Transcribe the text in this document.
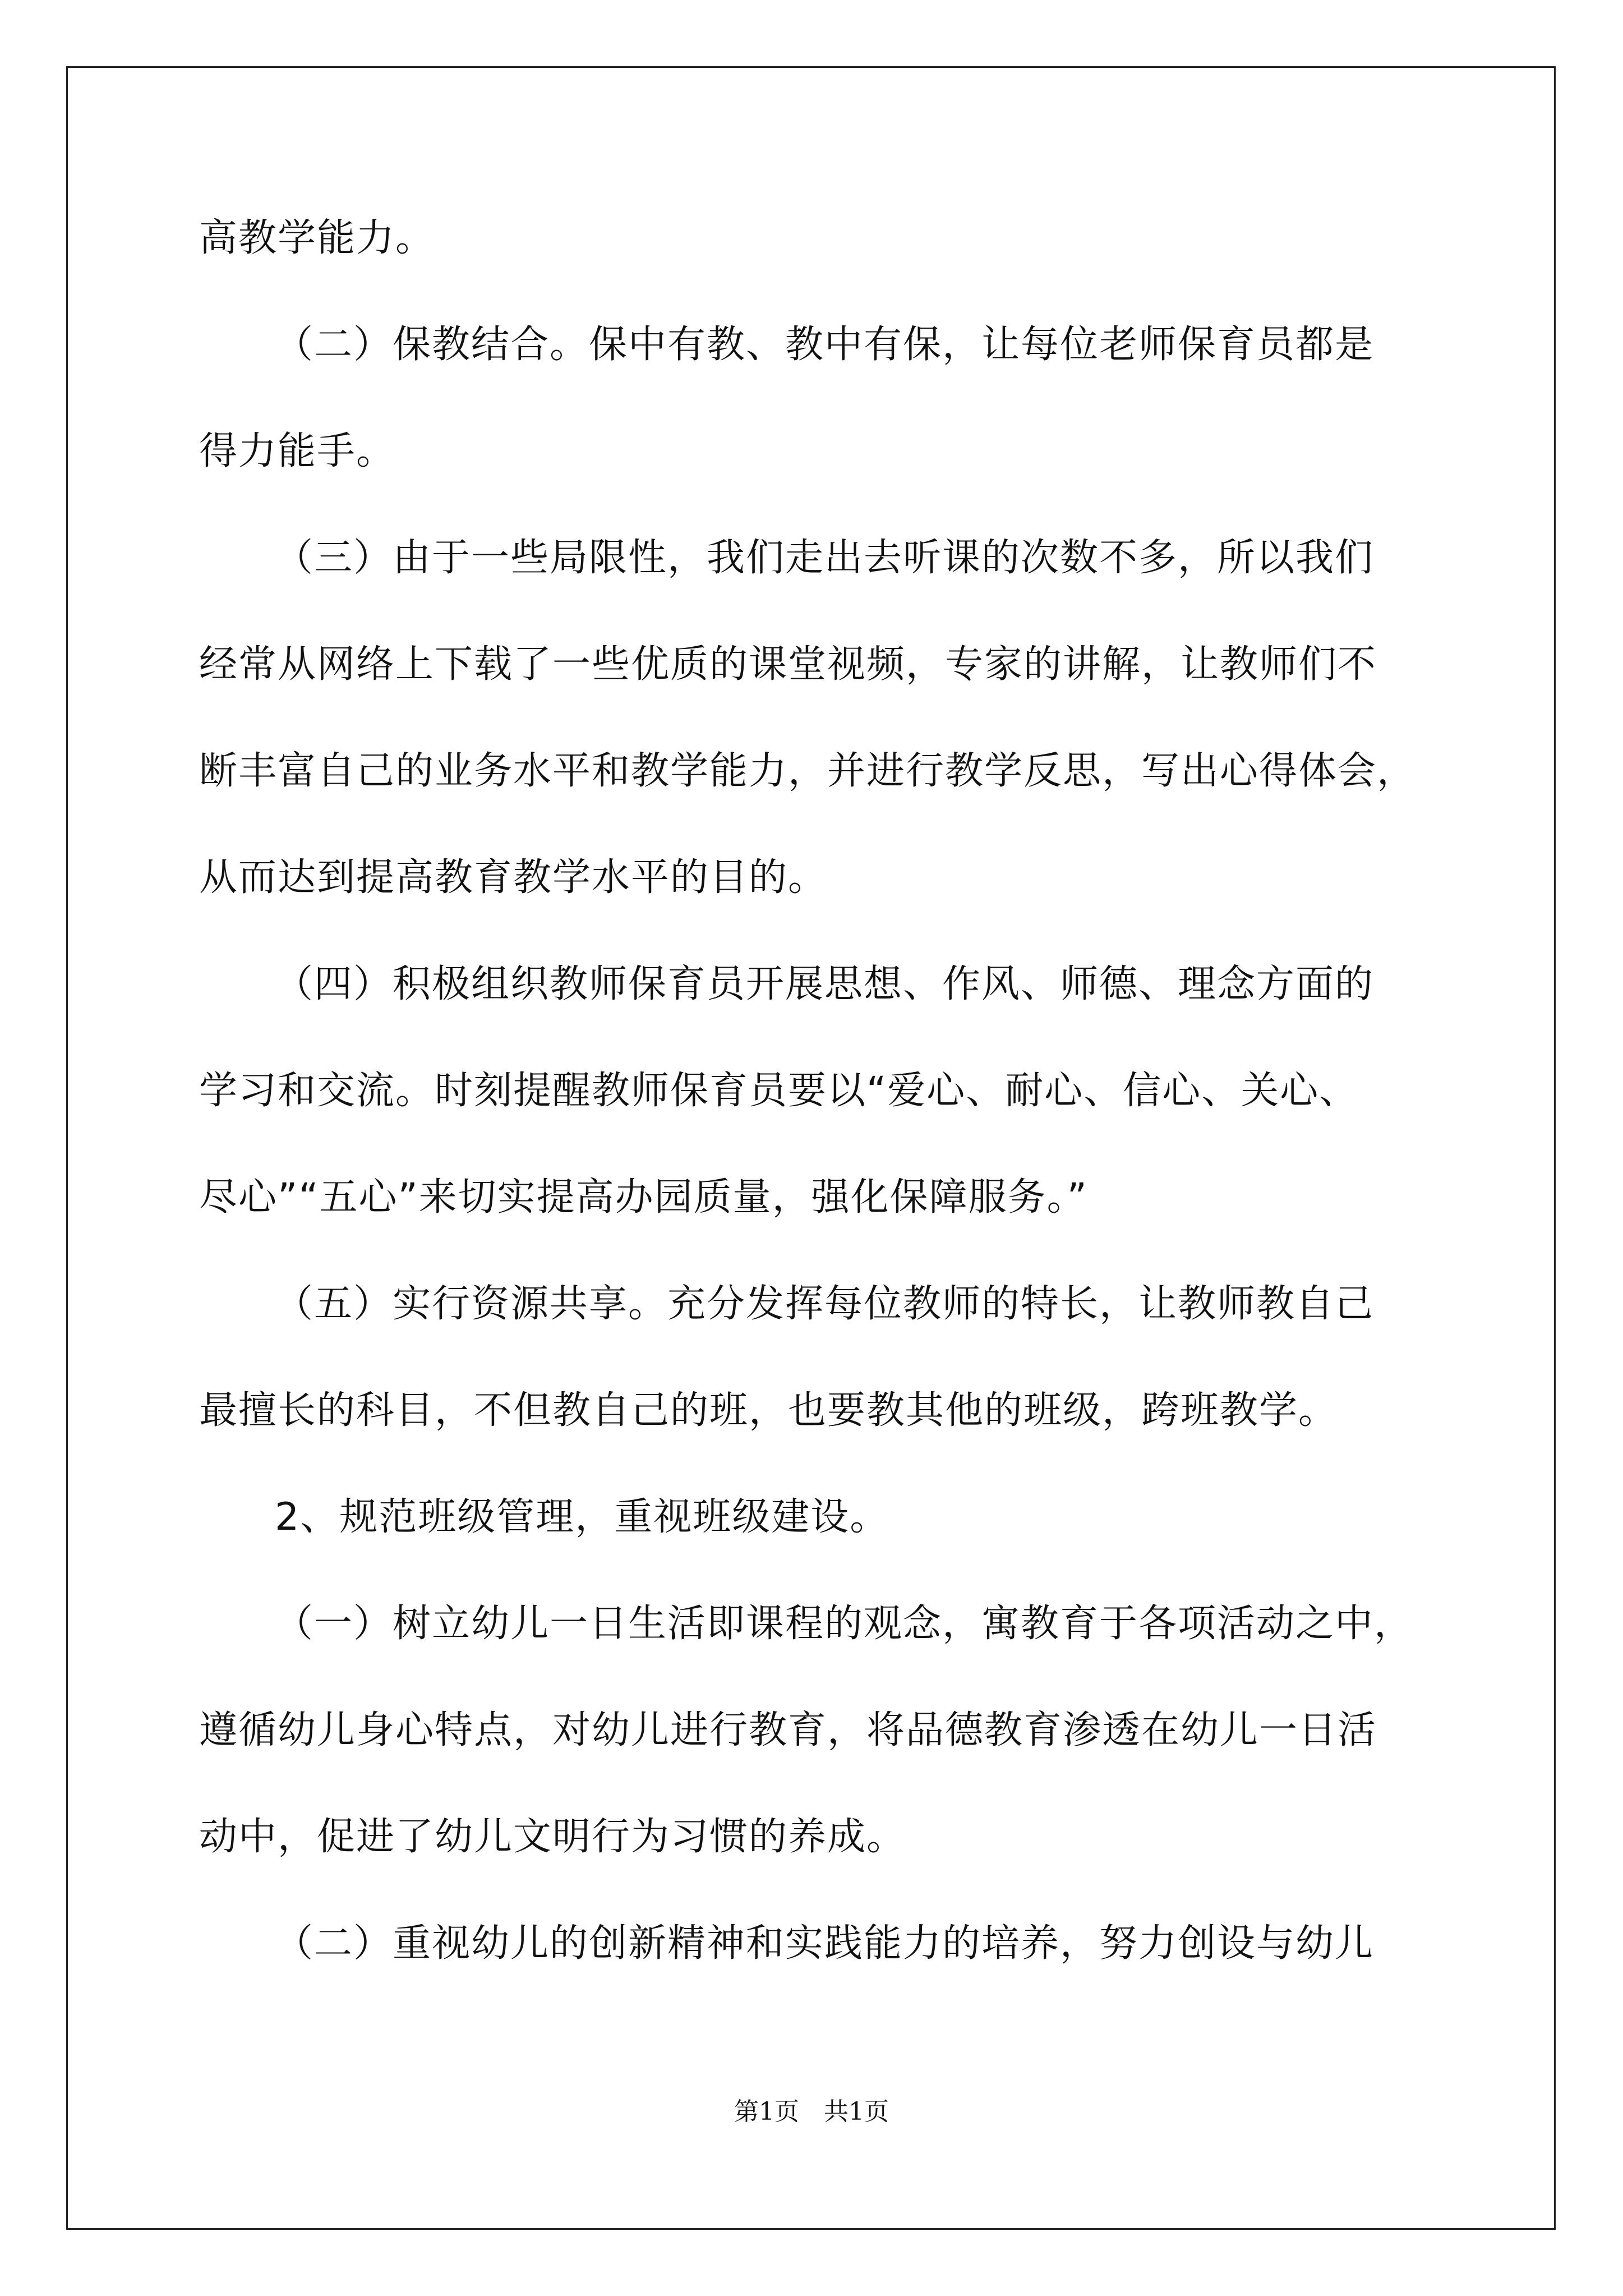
高教学能力。
（二）保教结合。保中有教、教中有保，让每位老师保育员都是
得力能手。
（三）由于一些局限性，我们走出去听课的次数不多，所以我们
经常从网络上下载了一些优质的课堂视频，专家的讲解，让教师们不
断丰富自己的业务水平和教学能力，并进行教学反思，写出心得体会，
从而达到提高教育教学水平的目的。
（四）积极组织教师保育员开展思想、作风、师德、理念方面的
学习和交流。时刻提醒教师保育员要以“爱心、耐心、信心、关心、
尽心”“五心”来切实提高办园质量，强化保障服务。”
（五）实行资源共享。充分发挥每位教师的特长，让教师教自己
最擅长的科目，不但教自己的班，也要教其他的班级，跨班教学。
2、规范班级管理，重视班级建设。
（一）树立幼儿一日生活即课程的观念，寓教育于各项活动之中，
遵循幼儿身心特点，对幼儿进行教育，将品德教育渗透在幼儿一日活
动中，促进了幼儿文明行为习惯的养成。
（二）重视幼儿的创新精神和实践能力的培养，努力创设与幼儿
第1页　共1页
